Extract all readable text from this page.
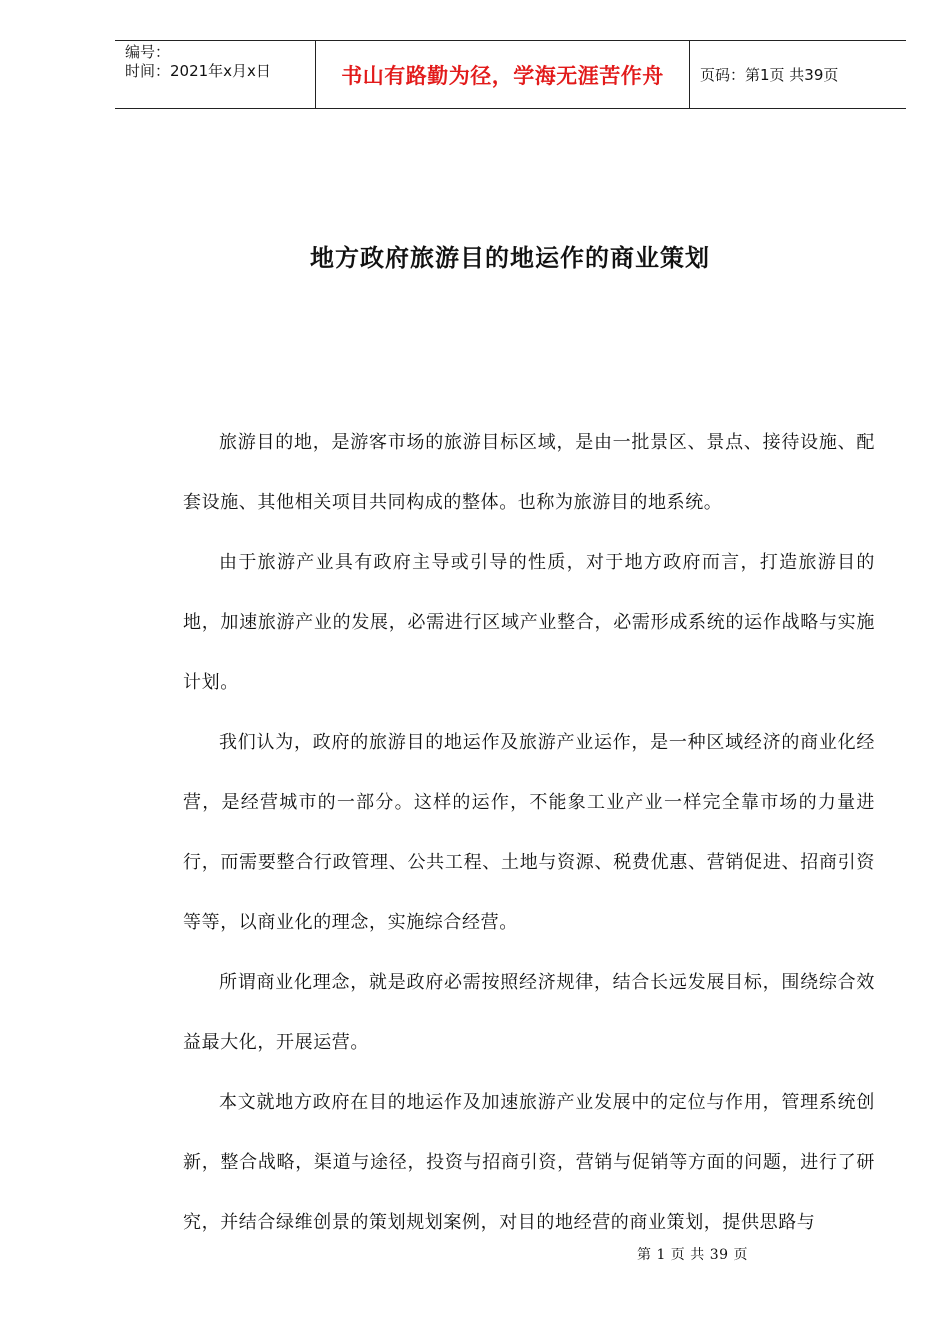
编号：
时间：2021年x月x日	书山有路勤为径，学海无涯苦作舟	页码：第1页 共39页
地方政府旅游目的地运作的商业策划

旅游目的地，是游客市场的旅游目标区域，是由一批景区、景点、接待设施、配套设施、其他相关项目共同构成的整体。也称为旅游目的地系统。

由于旅游产业具有政府主导或引导的性质，对于地方政府而言，打造旅游目的地，加速旅游产业的发展，必需进行区域产业整合，必需形成系统的运作战略与实施计划。

我们认为，政府的旅游目的地运作及旅游产业运作，是一种区域经济的商业化经营，是经营城市的一部分。这样的运作，不能象工业产业一样完全靠市场的力量进行，而需要整合行政管理、公共工程、土地与资源、税费优惠、营销促进、招商引资等等，以商业化的理念，实施综合经营。

所谓商业化理念，就是政府必需按照经济规律，结合长远发展目标，围绕综合效益最大化，开展运营。

本文就地方政府在目的地运作及加速旅游产业发展中的定位与作用，管理系统创新，整合战略，渠道与途径，投资与招商引资，营销与促销等方面的问题，进行了研究，并结合绿维创景的策划规划案例，对目的地经营的商业策划，提供思路与

第 1 页 共 39 页
